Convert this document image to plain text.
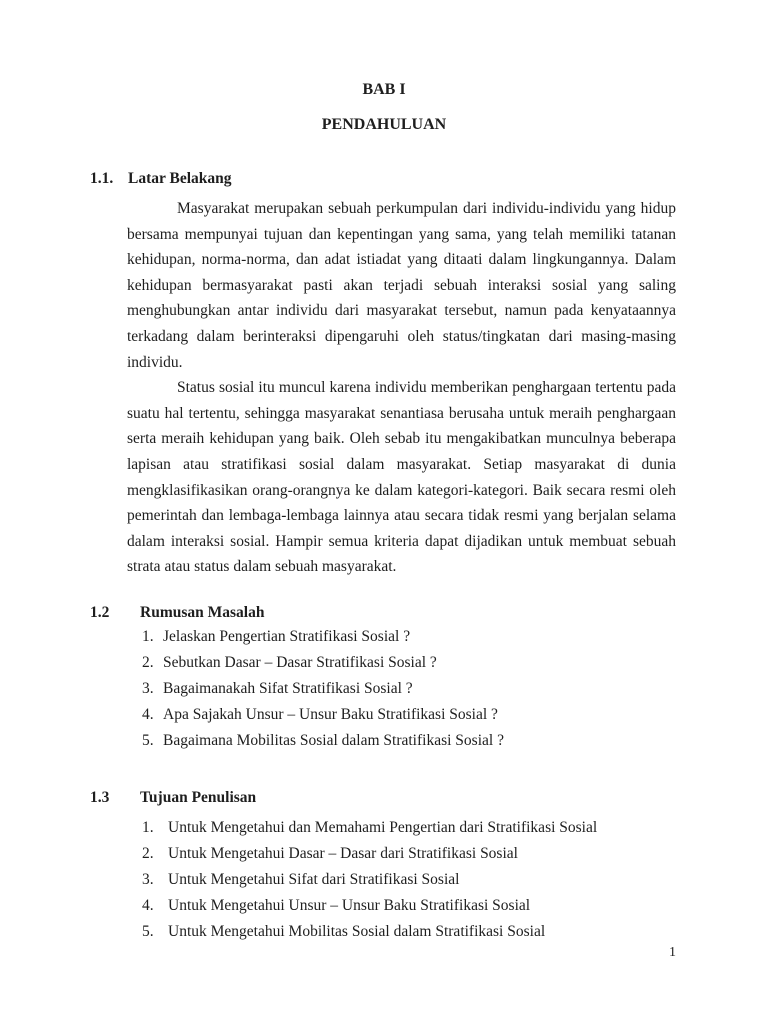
BAB I
PENDAHULUAN
1.1. Latar Belakang

Masyarakat merupakan sebuah perkumpulan dari individu-individu yang hidup bersama mempunyai tujuan dan kepentingan yang sama, yang telah memiliki tatanan kehidupan, norma-norma, dan adat istiadat yang ditaati dalam lingkungannya. Dalam kehidupan bermasyarakat pasti akan terjadi sebuah interaksi sosial yang saling menghubungkan antar individu dari masyarakat tersebut, namun pada kenyataannya terkadang dalam berinteraksi dipengaruhi oleh status/tingkatan dari masing-masing individu.

Status sosial itu muncul karena individu memberikan penghargaan tertentu pada suatu hal tertentu, sehingga masyarakat senantiasa berusaha untuk meraih penghargaan serta meraih kehidupan yang baik. Oleh sebab itu mengakibatkan munculnya beberapa lapisan atau stratifikasi sosial dalam masyarakat. Setiap masyarakat di dunia mengklasifikasikan orang-orangnya ke dalam kategori-kategori. Baik secara resmi oleh pemerintah dan lembaga-lembaga lainnya atau secara tidak resmi yang berjalan selama dalam interaksi sosial. Hampir semua kriteria dapat dijadikan untuk membuat sebuah strata atau status dalam sebuah masyarakat.

1.2	Rumusan Masalah
1. Jelaskan Pengertian Stratifikasi Sosial ?
2. Sebutkan Dasar – Dasar Stratifikasi Sosial ?
3. Bagaimanakah Sifat Stratifikasi Sosial ?
4. Apa Sajakah Unsur – Unsur Baku Stratifikasi Sosial ?
5. Bagaimana Mobilitas Sosial dalam Stratifikasi Sosial ?
1.3	Tujuan Penulisan
1. Untuk Mengetahui dan Memahami Pengertian dari Stratifikasi Sosial
2. Untuk Mengetahui Dasar – Dasar dari Stratifikasi Sosial
3. Untuk Mengetahui Sifat dari Stratifikasi Sosial
4. Untuk Mengetahui Unsur – Unsur Baku Stratifikasi Sosial
5. Untuk Mengetahui Mobilitas Sosial dalam Stratifikasi Sosial
1
